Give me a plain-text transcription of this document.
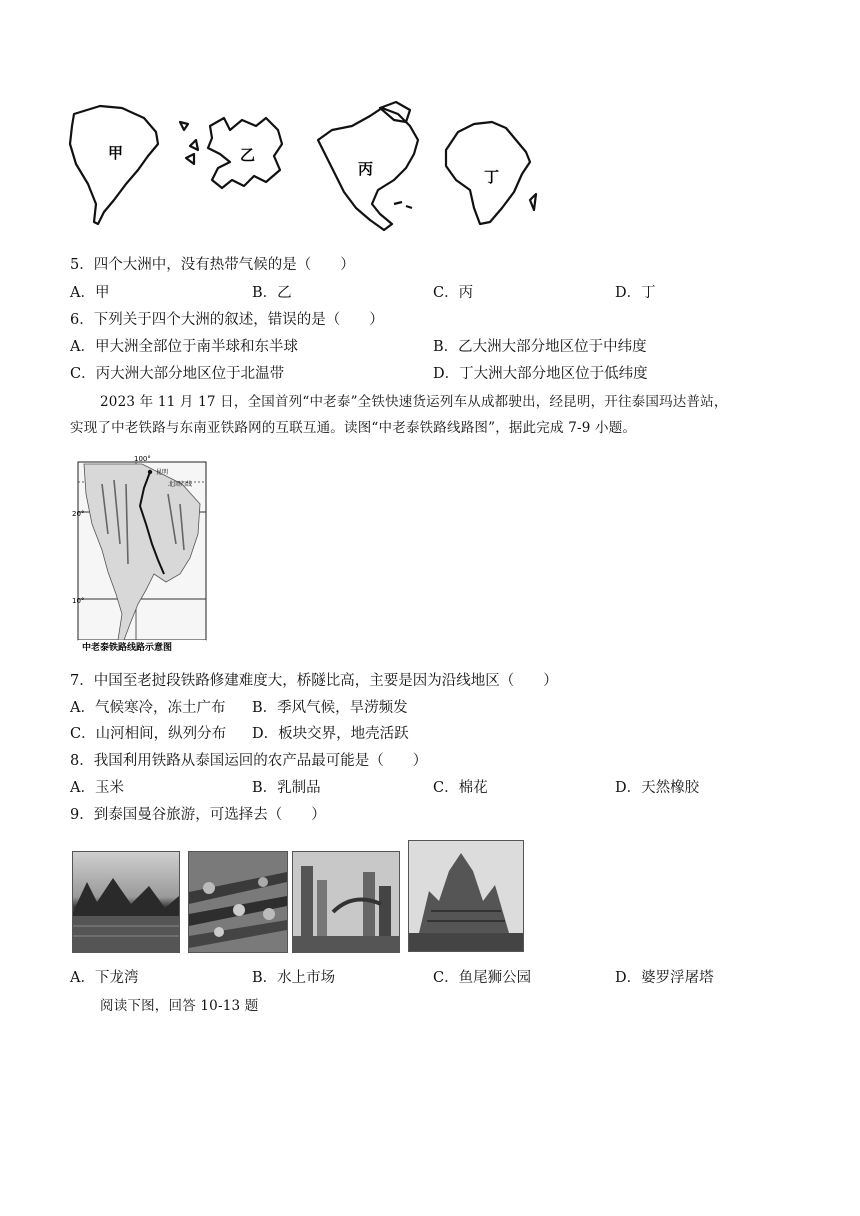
甲	乙
丙	丁
5．四个大洲中，没有热带气候的是（　　）
A．甲	B．乙	C．丙	D．丁
6．下列关于四个大洲的叙述，错误的是（　　）
A．甲大洲全部位于南半球和东半球	B．乙大洲大部分地区位于中纬度
C．丙大洲大部分地区位于北温带	D．丁大洲大部分地区位于低纬度
2023 年 11 月 17 日，全国首列“中老泰”全铁快速货运列车从成都驶出，经昆明，开往泰国玛达普站，
实现了中老铁路与东南亚铁路网的互联互通。读图“中老泰铁路线路图”，据此完成 7-9 小题。
100°
昆明
北回归线
20°
10°
中老泰铁路线路示意图
7．中国至老挝段铁路修建难度大，桥隧比高，主要是因为沿线地区（　　）
A．气候寒冷，冻土广布 B．季风气候，旱涝频发
C．山河相间，纵列分布 D．板块交界，地壳活跃
8．我国利用铁路从泰国运回的农产品最可能是（　　）
A．玉米	B．乳制品	C．棉花	D．天然橡胶
9．到泰国曼谷旅游，可选择去（　　）
A．下龙湾	B．水上市场	C．鱼尾狮公园	D．婆罗浮屠塔
阅读下图，回答 10-13 题
